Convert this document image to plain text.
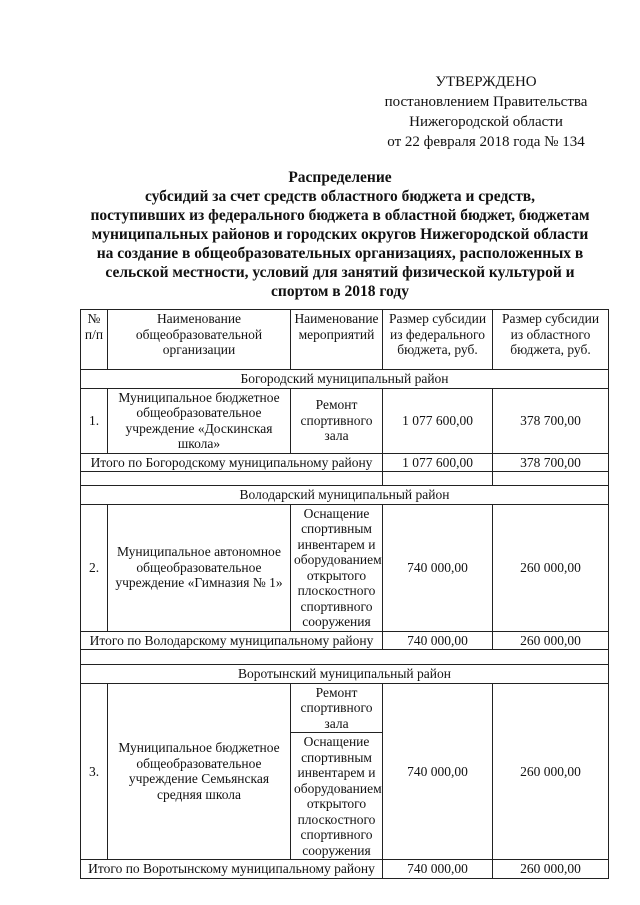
УТВЕРЖДЕНО
постановлением Правительства
Нижегородской области
от 22 февраля 2018 года № 134
Распределение
субсидий за счет средств областного бюджета и средств,
поступивших из федерального бюджета в областной бюджет, бюджетам
муниципальных районов и городских округов Нижегородской области
на создание в общеобразовательных организациях, расположенных в
сельской местности, условий для занятий физической культурой и
спортом в 2018 году
№ п/п	Наименование общеобразовательной организации	Наименование мероприятий	Размер субсидии из федерального бюджета, руб.	Размер субсидии из областного бюджета, руб.
Богородский муниципальный район				
1.	Муниципальное бюджетное общеобразовательное учреждение «Доскинская школа»	Ремонт спортивного зала	1 077 600,00	378 700,00
Итого по Богородскому муниципальному району			1 077 600,00	378 700,00

Володарский муниципальный район				
2.	Муниципальное автономное общеобразовательное учреждение «Гимназия № 1»	Оснащение спортивным инвентарем и оборудованием открытого плоскостного спортивного сооружения	740 000,00	260 000,00
Итого по Володарскому муниципальному району			740 000,00	260 000,00

Воротынский муниципальный район				
3.	Муниципальное бюджетное общеобразовательное учреждение Семьянская средняя школа	Ремонт спортивного зала	740 000,00	260 000,00
		Оснащение спортивным инвентарем и оборудованием открытого плоскостного спортивного сооружения		
Итого по Воротынскому муниципальному району			740 000,00	260 000,00
